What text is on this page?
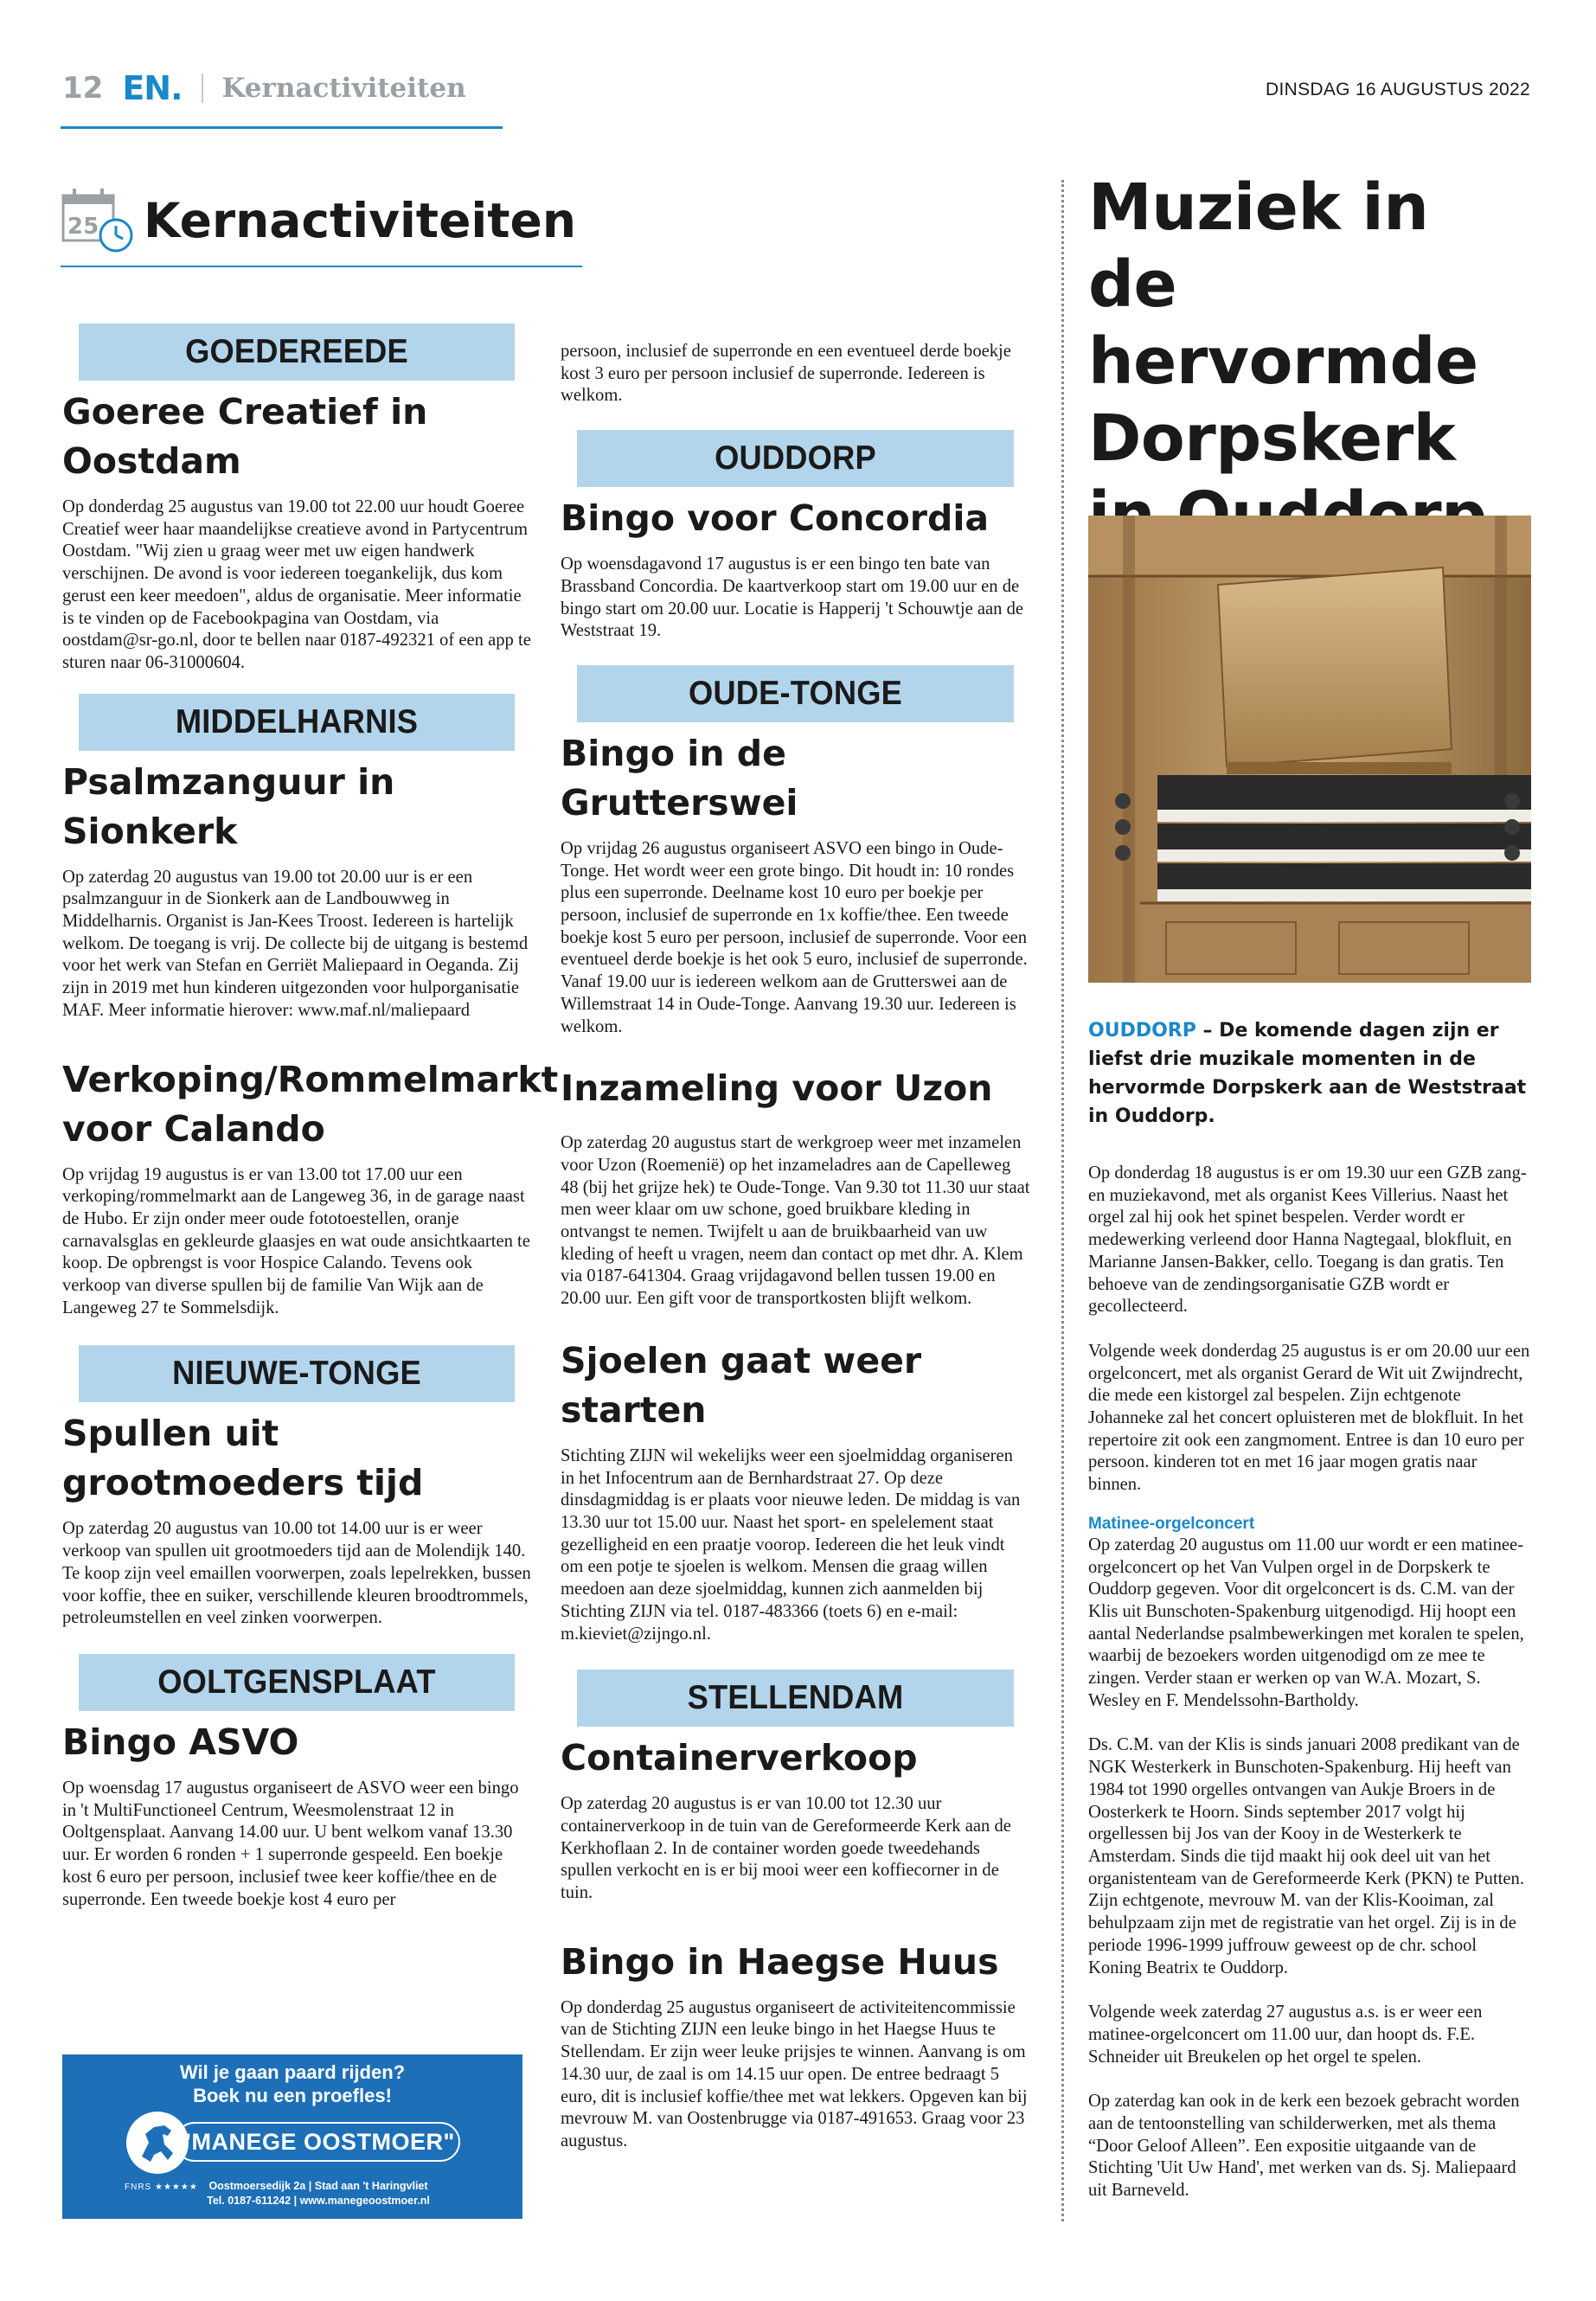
12 EN. Kernactiviteiten	DINSDAG 16 AUGUSTUS 2022
25 Kernactiviteiten
GOEDEREEDE
Goeree Creatief in Oostdam

Op donderdag 25 augustus van 19.00 tot 22.00 uur houdt Goeree Creatief weer haar maandelijkse creatieve avond in Partycentrum Oostdam. "Wij zien u graag weer met uw eigen handwerk verschijnen. De avond is voor iedereen toegankelijk, dus kom gerust een keer meedoen", aldus de organisatie. Meer informatie is te vinden op de Facebookpagina van Oostdam, via oostdam@sr-go.nl, door te bellen naar 0187-492321 of een app te sturen naar 06-31000604.

MIDDELHARNIS
Psalmzanguur in Sionkerk

Op zaterdag 20 augustus van 19.00 tot 20.00 uur is er een psalmzanguur in de Sionkerk aan de Landbouwweg in Middelharnis. Organist is Jan-Kees Troost. Iedereen is hartelijk welkom. De toegang is vrij. De collecte bij de uitgang is bestemd voor het werk van Stefan en Gerriët Maliepaard in Oeganda. Zij zijn in 2019 met hun kinderen uitgezonden voor hulporganisatie MAF. Meer informatie hierover: www.maf.nl/maliepaard

Verkoping/Rommelmarkt voor Calando

Op vrijdag 19 augustus is er van 13.00 tot 17.00 uur een verkoping/rommelmarkt aan de Langeweg 36, in de garage naast de Hubo. Er zijn onder meer oude fototoestellen, oranje carnavalsglas en gekleurde glaasjes en wat oude ansichtkaarten te koop. De opbrengst is voor Hospice Calando. Tevens ook verkoop van diverse spullen bij de familie Van Wijk aan de Langeweg 27 te Sommelsdijk.

NIEUWE-TONGE
Spullen uit grootmoeders tijd

Op zaterdag 20 augustus van 10.00 tot 14.00 uur is er weer verkoop van spullen uit grootmoeders tijd aan de Molendijk 140. Te koop zijn veel emaillen voorwerpen, zoals lepelrekken, bussen voor koffie, thee en suiker, verschillende kleuren broodtrommels, petroleumstellen en veel zinken voorwerpen.

OOLTGENSPLAAT
Bingo ASVO

Op woensdag 17 augustus organiseert de ASVO weer een bingo in 't MultiFunctioneel Centrum, Weesmolenstraat 12 in Ooltgensplaat. Aanvang 14.00 uur. U bent welkom vanaf 13.30 uur. Er worden 6 ronden + 1 superronde gespeeld. Een boekje kost 6 euro per persoon, inclusief twee keer koffie/thee en de superronde. Een tweede boekje kost 4 euro per

Wil je gaan paard rijden?
Boek nu een proefles!
"MANEGE OOSTMOER"
FNRS ★★★★★	Oostmoersedijk 2a | Stad aan 't Haringvliet
Tel. 0187-611242 | www.manegeoostmoer.nl

persoon, inclusief de superronde en een eventueel derde boekje kost 3 euro per persoon inclusief de superronde. Iedereen is welkom.

OUDDORP
Bingo voor Concordia

Op woensdagavond 17 augustus is er een bingo ten bate van Brassband Concordia. De kaartverkoop start om 19.00 uur en de bingo start om 20.00 uur. Locatie is Happerij 't Schouwtje aan de Weststraat 19.

OUDE-TONGE
Bingo in de Grutterswei

Op vrijdag 26 augustus organiseert ASVO een bingo in Oude-Tonge. Het wordt weer een grote bingo. Dit houdt in: 10 rondes plus een superronde. Deelname kost 10 euro per boekje per persoon, inclusief de superronde en 1x koffie/thee. Een tweede boekje kost 5 euro per persoon, inclusief de superronde. Voor een eventueel derde boekje is het ook 5 euro, inclusief de superronde. Vanaf 19.00 uur is iedereen welkom aan de Grutterswei aan de Willemstraat 14 in Oude-Tonge. Aanvang 19.30 uur. Iedereen is welkom.

Inzameling voor Uzon

Op zaterdag 20 augustus start de werkgroep weer met inzamelen voor Uzon (Roemenië) op het inzameladres aan de Capelleweg 48 (bij het grijze hek) te Oude-Tonge. Van 9.30 tot 11.30 uur staat men weer klaar om uw schone, goed bruikbare kleding in ontvangst te nemen. Twijfelt u aan de bruikbaarheid van uw kleding of heeft u vragen, neem dan contact op met dhr. A. Klem via 0187-641304. Graag vrijdagavond bellen tussen 19.00 en 20.00 uur. Een gift voor de transportkosten blijft welkom.

Sjoelen gaat weer starten

Stichting ZIJN wil wekelijks weer een sjoelmiddag organiseren in het Infocentrum aan de Bernhardstraat 27. Op deze dinsdagmiddag is er plaats voor nieuwe leden. De middag is van 13.30 uur tot 15.00 uur. Naast het sport- en spelelement staat gezelligheid en een praatje voorop. Iedereen die het leuk vindt om een potje te sjoelen is welkom. Mensen die graag willen meedoen aan deze sjoelmiddag, kunnen zich aanmelden bij Stichting ZIJN via tel. 0187-483366 (toets 6) en e-mail: m.kieviet@zijngo.nl.

STELLENDAM
Containerverkoop

Op zaterdag 20 augustus is er van 10.00 tot 12.30 uur containerverkoop in de tuin van de Gereformeerde Kerk aan de Kerkhoflaan 2. In de container worden goede tweedehands spullen verkocht en is er bij mooi weer een koffiecorner in de tuin.

Bingo in Haegse Huus

Op donderdag 25 augustus organiseert de activiteitencommissie van de Stichting ZIJN een leuke bingo in het Haegse Huus te Stellendam. Er zijn weer leuke prijsjes te winnen. Aanvang is om 14.30 uur, de zaal is om 14.15 uur open. De entree bedraagt 5 euro, dit is inclusief koffie/thee met wat lekkers. Opgeven kan bij mevrouw M. van Oostenbrugge via 0187-491653. Graag voor 23 augustus.

Muziek in de hervormde Dorpskerk
OUDDORP – De komende dagen zijn er liefst drie muzikale momenten in de hervormde Dorpskerk aan de Weststraat in Ouddorp.

Op donderdag 18 augustus is er om 19.30 uur een GZB zang- en muziekavond, met als organist Kees Villerius. Naast het orgel zal hij ook het spinet bespelen. Verder wordt er medewerking verleend door Hanna Nagtegaal, blokfluit, en Marianne Jansen-Bakker, cello. Toegang is dan gratis. Ten behoeve van de zendingsorganisatie GZB wordt er gecollecteerd.

Volgende week donderdag 25 augustus is er om 20.00 uur een orgelconcert, met als organist Gerard de Wit uit Zwijndrecht, die mede een kistorgel zal bespelen. Zijn echtgenote Johanneke zal het concert opluisteren met de blokfluit. In het repertoire zit ook een zangmoment. Entree is dan 10 euro per persoon. kinderen tot en met 16 jaar mogen gratis naar binnen.

Matinee-orgelconcert

Op zaterdag 20 augustus om 11.00 uur wordt er een matinee-orgelconcert op het Van Vulpen orgel in de Dorpskerk te Ouddorp gegeven. Voor dit orgelconcert is ds. C.M. van der Klis uit Bunschoten-Spakenburg uitgenodigd. Hij hoopt een aantal Nederlandse psalmbewerkingen met koralen te spelen, waarbij de bezoekers worden uitgenodigd om ze mee te zingen. Verder staan er werken op van W.A. Mozart, S. Wesley en F. Mendelssohn-Bartholdy.

Ds. C.M. van der Klis is sinds januari 2008 predikant van de NGK Westerkerk in Bunschoten-Spakenburg. Hij heeft van 1984 tot 1990 orgelles ontvangen van Aukje Broers in de Oosterkerk te Hoorn. Sinds september 2017 volgt hij orgellessen bij Jos van der Kooy in de Westerkerk te Amsterdam. Sinds die tijd maakt hij ook deel uit van het organistenteam van de Gereformeerde Kerk (PKN) te Putten. Zijn echtgenote, mevrouw M. van der Klis-Kooiman, zal behulpzaam zijn met de registratie van het orgel. Zij is in de periode 1996-1999 juffrouw geweest op de chr. school Koning Beatrix te Ouddorp.

Volgende week zaterdag 27 augustus a.s. is er weer een matinee-orgelconcert om 11.00 uur, dan hoopt ds. F.E. Schneider uit Breukelen op het orgel te spelen.

Op zaterdag kan ook in de kerk een bezoek gebracht worden aan de tentoonstelling van schilderwerken, met als thema “Door Geloof Alleen”. Een expositie uitgaande van de Stichting 'Uit Uw Hand', met werken van ds. Sj. Maliepaard uit Barneveld.
